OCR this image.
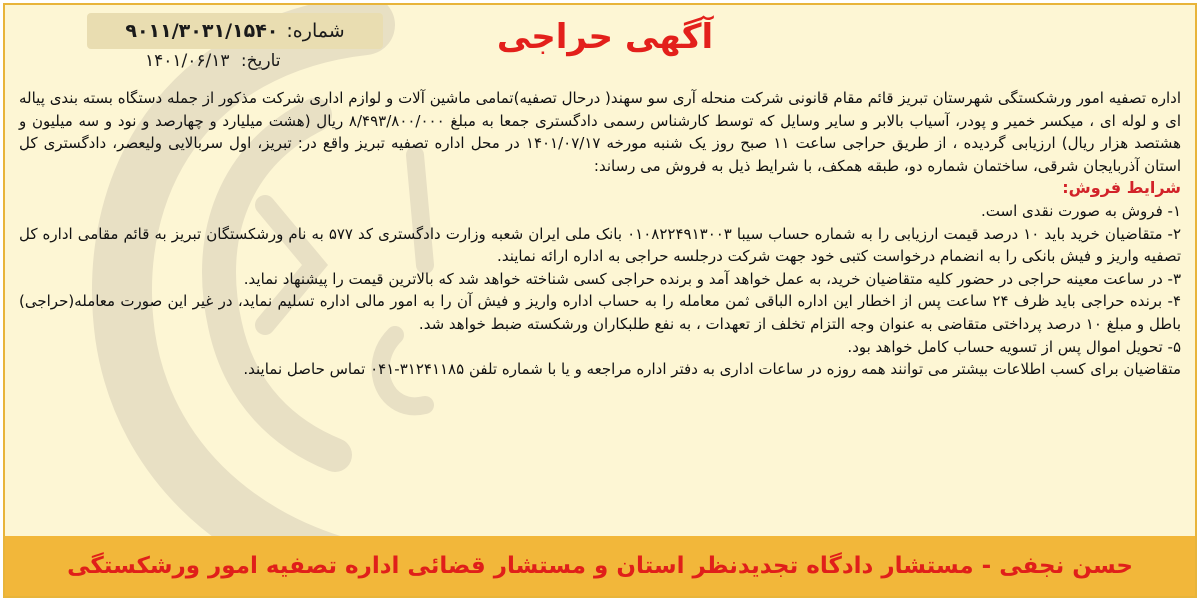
شماره:
۹۰۱۱/۳۰۳۱/۱۵۴۰
تاریخ: ۱۴۰۱/۰۶/۱۳
آگهی حراجی

اداره تصفیه امور ورشکستگی شهرستان تبریز قائم مقام قانونی شرکت منحله آری سو سهند( درحال تصفیه)تمامی ماشین آلات و لوازم اداری شرکت مذکور از جمله دستگاه بسته بندی پیاله ای و لوله ای ، میکسر خمیر و پودر، آسیاب بالابر و سایر وسایل که توسط کارشناس رسمی دادگستری جمعا به مبلغ ۸/۴۹۳/۸۰۰/۰۰۰ ریال (هشت میلیارد و چهارصد و نود و سه میلیون و هشتصد هزار ریال) ارزیابی گردیده ، از طریق حراجی ساعت ۱۱ صبح روز یک شنبه مورخه ۱۴۰۱/۰۷/۱۷ در محل اداره تصفیه تبریز واقع در: تبریز، اول سربالایی ولیعصر، دادگستری کل استان آذربایجان شرقی، ساختمان شماره دو، طبقه همکف، با شرایط ذیل به فروش می رساند:

شرایط فروش:

۱- فروش به صورت نقدی است.

۲- متقاضیان خرید باید ۱۰ درصد قیمت ارزیابی را به شماره حساب سیبا ۰۱۰۸۲۲۴۹۱۳۰۰۳ بانک ملی ایران شعبه وزارت دادگستری کد ۵۷۷ به نام ورشکستگان تبریز به قائم مقامی اداره کل تصفیه واریز و فیش بانکی را به انضمام درخواست کتبی خود جهت شرکت درجلسه حراجی به اداره ارائه نمایند.

۳- در ساعت معینه حراجی در حضور کلیه متقاضیان خرید، به عمل خواهد آمد و برنده حراجی کسی شناخته خواهد شد که بالاترین قیمت را پیشنهاد نماید.

۴- برنده حراجی باید ظرف ۲۴ ساعت پس از اخطار این اداره الباقی ثمن معامله را به حساب اداره واریز و فیش آن را به امور مالی اداره تسلیم نماید، در غیر این صورت معامله(حراجی) باطل و مبلغ ۱۰ درصد پرداختی متقاضی به عنوان وجه التزام تخلف از تعهدات ، به نفع طلبکاران ورشکسته ضبط خواهد شد.

۵- تحویل اموال پس از تسویه حساب کامل خواهد بود.

متقاضیان برای کسب اطلاعات بیشتر می توانند همه روزه در ساعات اداری به دفتر اداره مراجعه و یا با شماره تلفن ۳۱۲۴۱۱۸۵-۰۴۱ تماس حاصل نمایند.

حسن نجفی - مستشار دادگاه تجدیدنظر استان و مستشار قضائی اداره تصفیه امور ورشکستگی
